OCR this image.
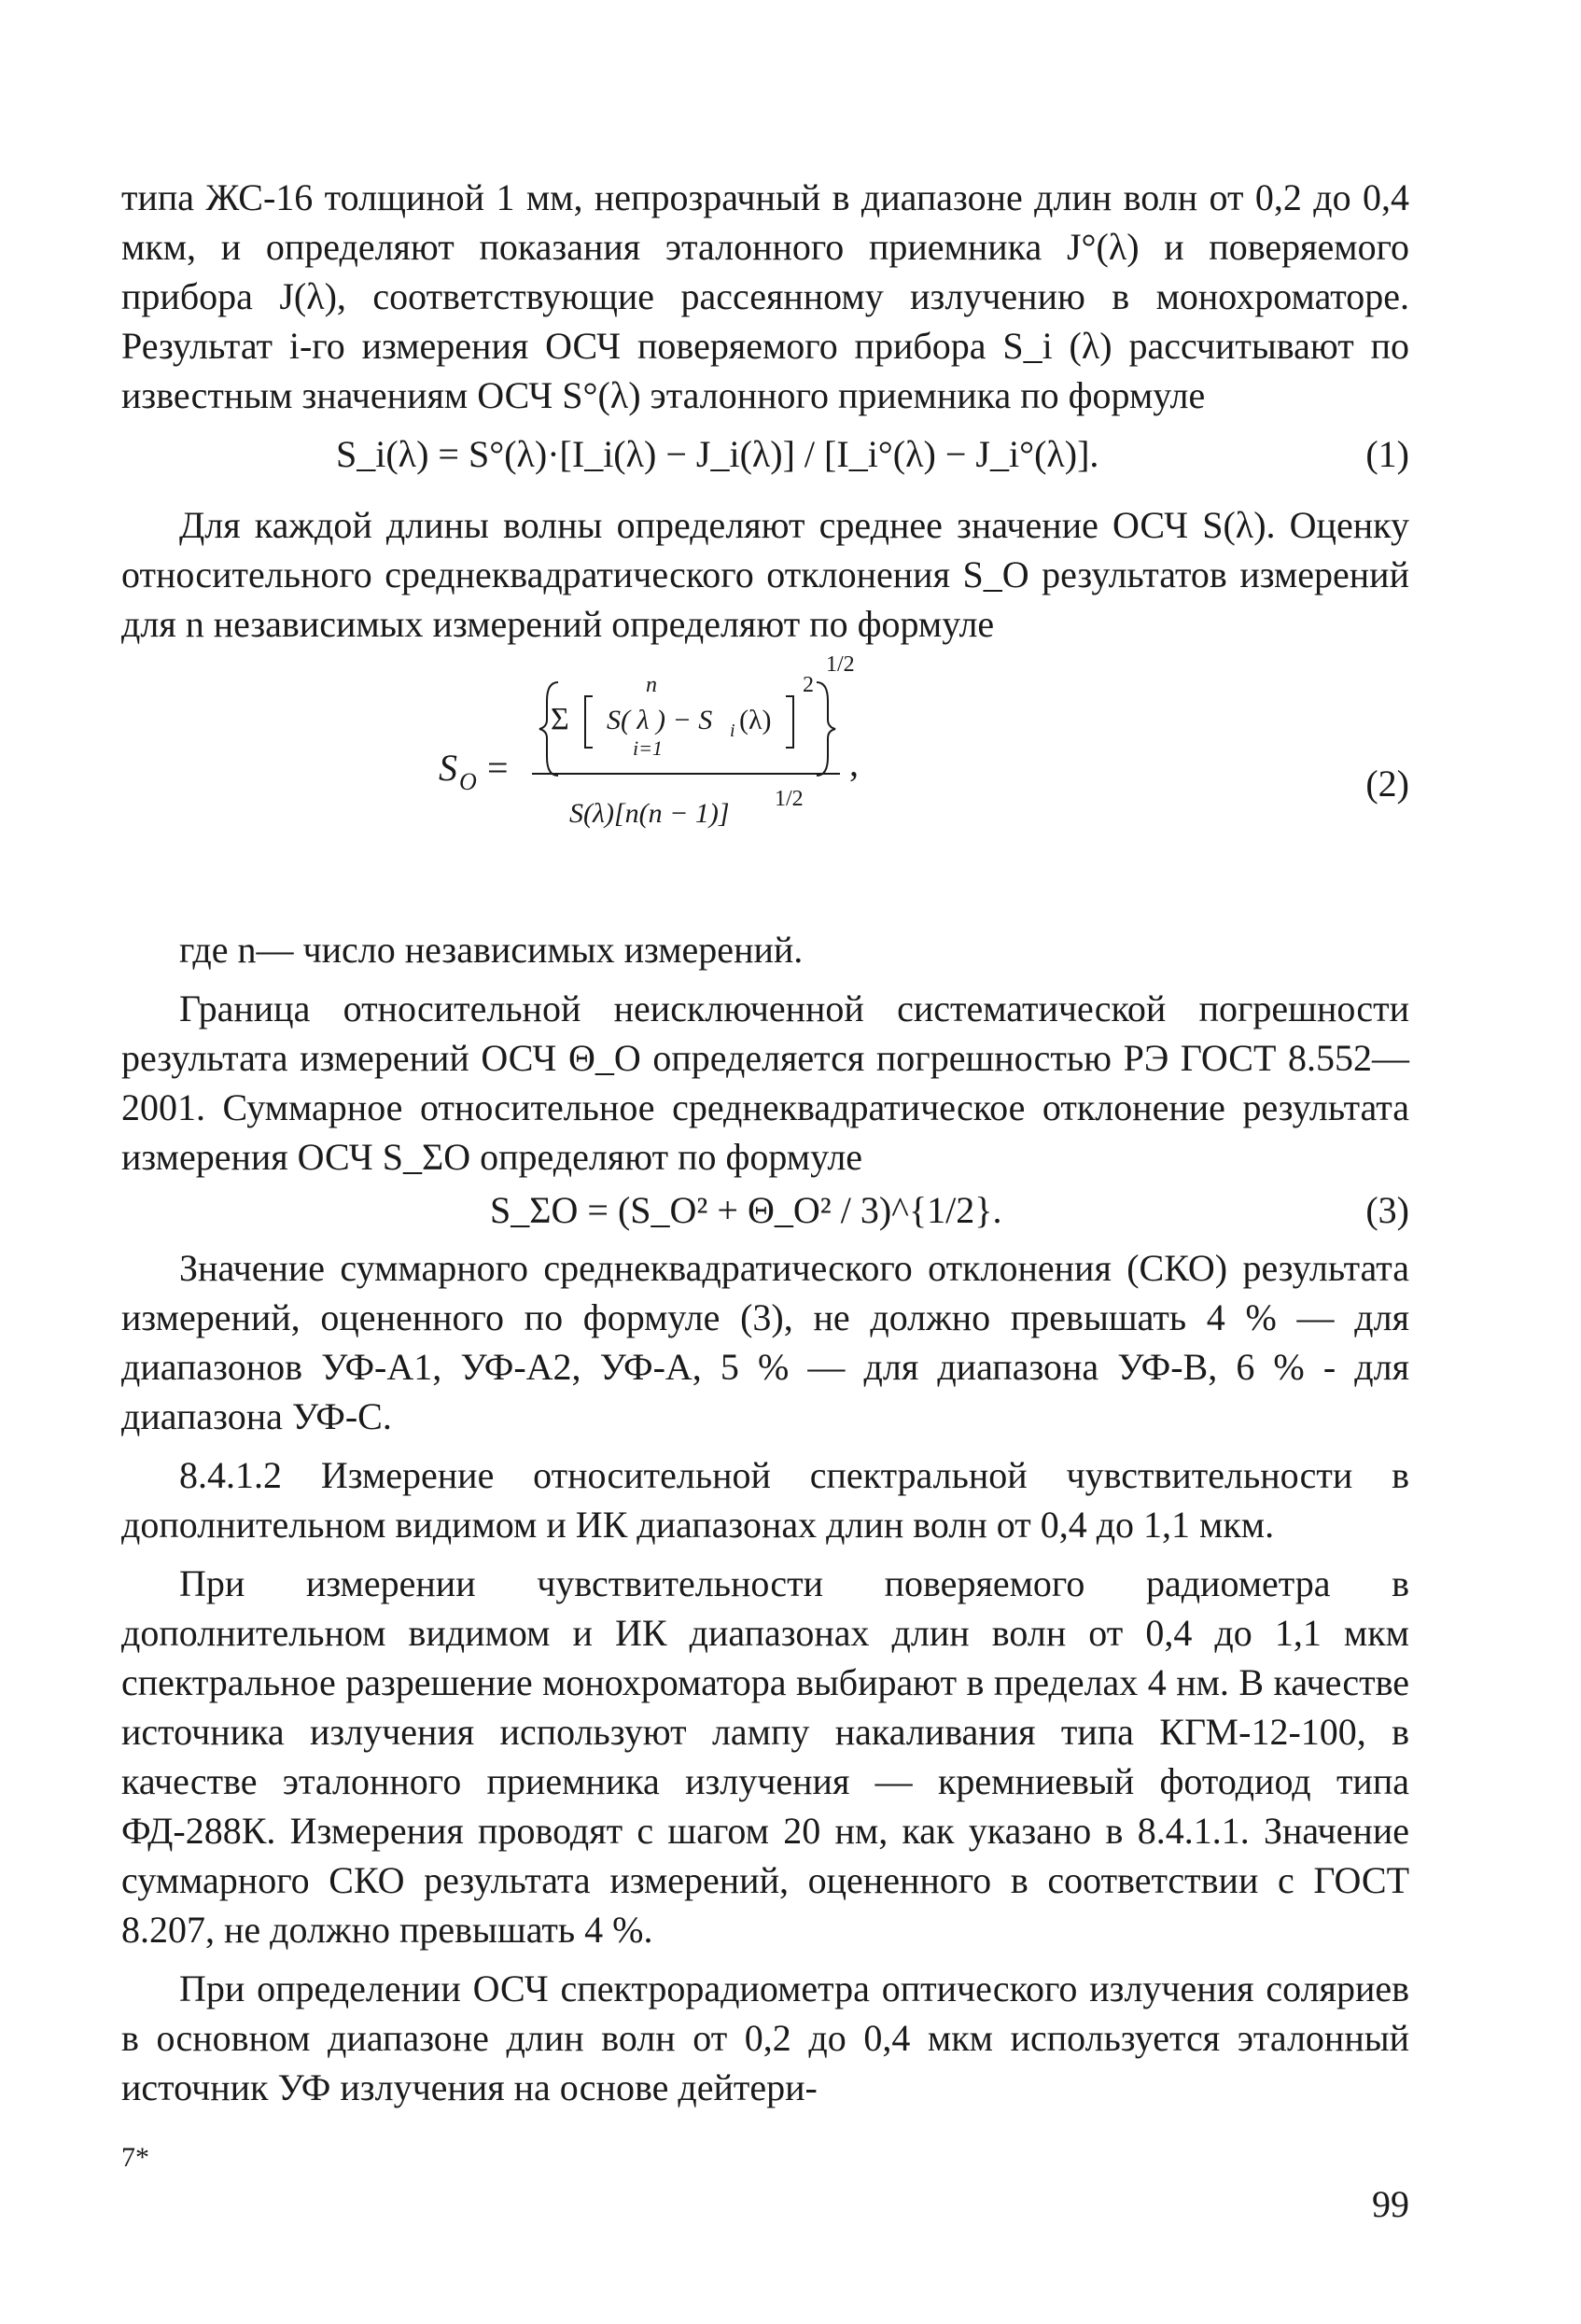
типа ЖС-16 толщиной 1 мм, непрозрачный в диапазоне длин волн от 0,2 до 0,4 мкм, и определяют показания эталонного приемника J°(λ) и поверяемого прибора J(λ), соответствующие рассеянному излучению в монохроматоре. Результат i-го измерения ОСЧ поверяемого прибора S_i (λ) рассчитывают по известным значениям ОСЧ S°(λ) эталонного приемника по формуле

S_i(λ) = S°(λ)·[I_i(λ) − J_i(λ)] / [I_i°(λ) − J_i°(λ)].	(1)

Для каждой длины волны определяют среднее значение ОСЧ S(λ). Оценку относительного среднеквадратического отклонения S_O результатов измерений для n независимых измерений определяют по формуле

S O =
Σ
n
S( λ ) − S i (λ)
i=1
2
1/2
S(λ)[n(n − 1)] 1/2
,	(2)

где n— число независимых измерений.

Граница относительной неисключенной систематической погрешности результата измерений ОСЧ Θ_O определяется погрешностью РЭ ГОСТ 8.552—2001. Суммарное относительное среднеквадратическое отклонение результата измерения ОСЧ S_ΣO определяют по формуле

S_ΣO = (S_O² + Θ_O² / 3)^{1/2}.	(3)

Значение суммарного среднеквадратического отклонения (СКО) результата измерений, оцененного по формуле (3), не должно превышать 4 % — для диапазонов УФ-А1, УФ-А2, УФ-А, 5 % — для диапазона УФ-В, 6 % - для диапазона УФ-С.

8.4.1.2 Измерение относительной спектральной чувствительности в дополнительном видимом и ИК диапазонах длин волн от 0,4 до 1,1 мкм.

При измерении чувствительности поверяемого радиометра в дополнительном видимом и ИК диапазонах длин волн от 0,4 до 1,1 мкм спектральное разрешение монохроматора выбирают в пределах 4 нм. В качестве источника излучения используют лампу накаливания типа КГМ-12-100, в качестве эталонного приемника излучения — кремниевый фотодиод типа ФД-288К. Измерения проводят с шагом 20 нм, как указано в 8.4.1.1. Значение суммарного СКО результата измерений, оцененного в соответствии с ГОСТ 8.207, не должно превышать 4 %.

При определении ОСЧ спектрорадиометра оптического излучения соляриев в основном диапазоне длин волн от 0,2 до 0,4 мкм используется эталонный источник УФ излучения на основе дейтери-

7*
99
